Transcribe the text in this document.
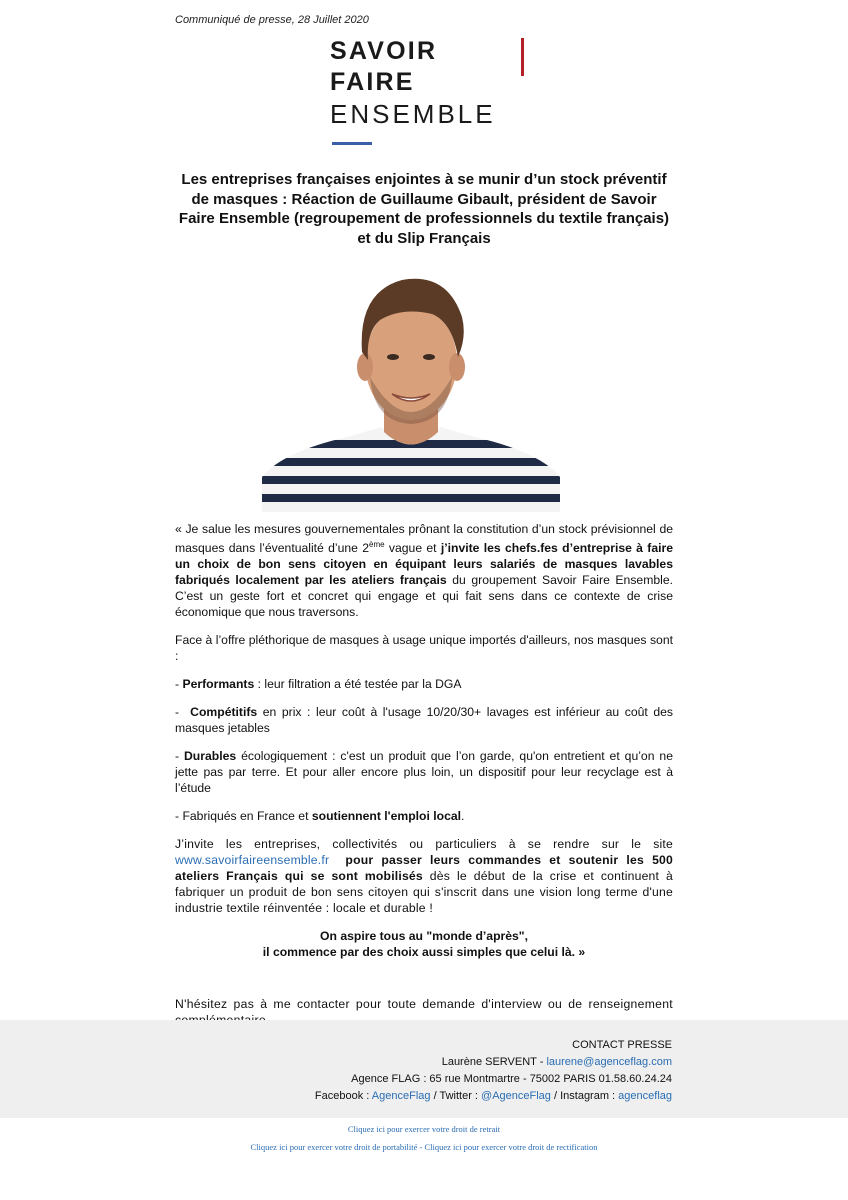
Communiqué de presse, 28 Juillet 2020
SAVOIR
FAIRE
ENSEMBLE
Les entreprises françaises enjointes à se munir d’un stock préventif de masques : Réaction de Guillaume Gibault, président de Savoir Faire Ensemble (regroupement de professionnels du textile français) et du Slip Français

« Je salue les mesures gouvernementales prônant la constitution d’un stock prévisionnel de masques dans l’éventualité d’une 2ème vague et j’invite les chefs.fes d’entreprise à faire un choix de bon sens citoyen en équipant leurs salariés de masques lavables fabriqués localement par les ateliers français du groupement Savoir Faire Ensemble. C’est un geste fort et concret qui engage et qui fait sens dans ce contexte de crise économique que nous traversons.

Face à l’offre pléthorique de masques à usage unique importés d'ailleurs, nos masques sont :

- Performants : leur filtration a été testée par la DGA

-  Compétitifs en prix : leur coût à l'usage 10/20/30+ lavages est inférieur au coût des masques jetables

- Durables écologiquement : c'est un produit que l’on garde, qu'on entretient et qu’on ne jette pas par terre. Et pour aller encore plus loin, un dispositif pour leur recyclage est à l’étude

- Fabriqués en France et soutiennent l'emploi local.

J’invite les entreprises, collectivités ou particuliers à se rendre sur le site www.savoirfaireensemble.fr  pour passer leurs commandes et soutenir les 500 ateliers Français qui se sont mobilisés dès le début de la crise et continuent à fabriquer un produit de bon sens citoyen qui s'inscrit dans une vision long terme d'une industrie textile réinventée : locale et durable !

On aspire tous au "monde d’après",
il commence par des choix aussi simples que celui là. »

N'hésitez pas à me contacter pour toute demande d'interview ou de renseignement

CONTACT PRESSE
Laurène SERVENT - laurene@agenceflag.com
Agence FLAG : 65 rue Montmartre - 75002 PARIS 01.58.60.24.24
Facebook : AgenceFlag / Twitter : @AgenceFlag / Instagram : agenceflag
Cliquez ici pour exercer votre droit de retrait
Cliquez ici pour exercer votre droit de portabilité - Cliquez ici pour exercer votre droit de rectification
